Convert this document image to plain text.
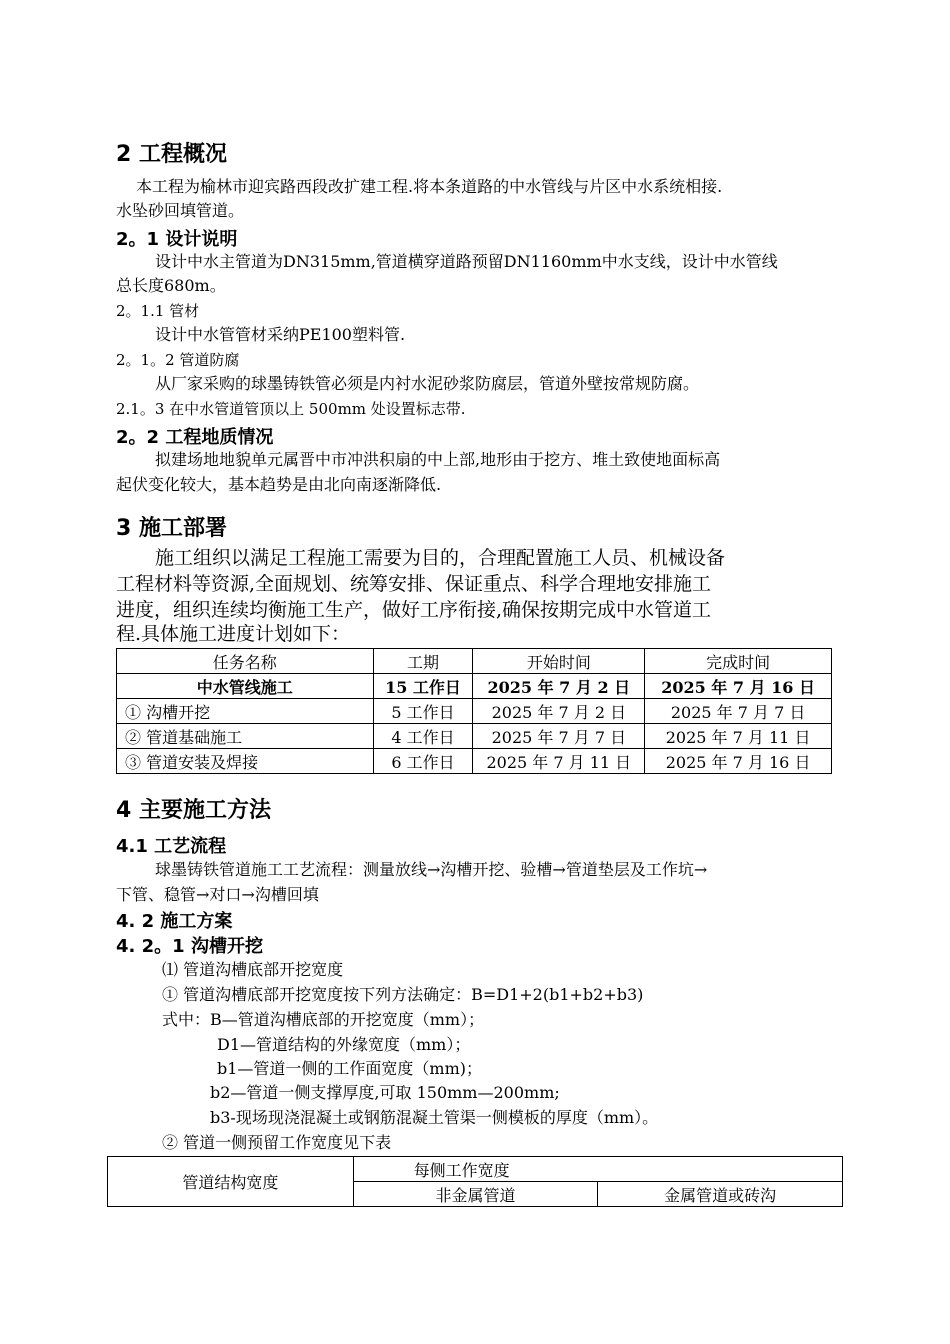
2 工程概况
本工程为榆林市迎宾路西段改扩建工程.将本条道路的中水管线与片区中水系统相接.
水坠砂回填管道。
2。1 设计说明
设计中水主管道为DN315mm,管道横穿道路预留DN1160mm中水支线，设计中水管线
总长度680m。
2。1.1 管材
设计中水管管材采纳PE100塑料管.
2。1。2 管道防腐
从厂家采购的球墨铸铁管必须是内衬水泥砂浆防腐层，管道外壁按常规防腐。
2.1。3 在中水管道管顶以上 500mm 处设置标志带.
2。2 工程地质情况
拟建场地地貌单元属晋中市冲洪积扇的中上部,地形由于挖方、堆土致使地面标高
起伏变化较大，基本趋势是由北向南逐渐降低.
3 施工部署
施工组织以满足工程施工需要为目的，合理配置施工人员、机械设备
工程材料等资源,全面规划、统筹安排、保证重点、科学合理地安排施工
进度，组织连续均衡施工生产，做好工序衔接,确保按期完成中水管道工
程.具体施工进度计划如下：
任务名称	工期	开始时间	完成时间
中水管线施工	15 工作日	2025 年 7 月 2 日	2025 年 7 月 16 日
① 沟槽开挖	5 工作日	2025 年 7 月 2 日	2025 年 7 月 7 日
② 管道基础施工	4 工作日	2025 年 7 月 7 日	2025 年 7 月 11 日
③ 管道安装及焊接	6 工作日	2025 年 7 月 11 日	2025 年 7 月 16 日
4 主要施工方法
4.1 工艺流程
球墨铸铁管道施工工艺流程：测量放线→沟槽开挖、验槽→管道垫层及工作坑→
下管、稳管→对口→沟槽回填
4. 2 施工方案
4. 2。1 沟槽开挖
⑴ 管道沟槽底部开挖宽度
① 管道沟槽底部开挖宽度按下列方法确定：B=D1+2(b1+b2+b3)
式中：B—管道沟槽底部的开挖宽度（mm）；
D1—管道结构的外缘宽度（mm）；
b1—管道一侧的工作面宽度（mm)；
b2—管道一侧支撑厚度,可取 150mm—200mm;
b3-现场现浇混凝土或钢筋混凝土管渠一侧模板的厚度（mm）。
② 管道一侧预留工作宽度见下表
管道结构宽度	每侧工作宽度	
	非金属管道	金属管道或砖沟
